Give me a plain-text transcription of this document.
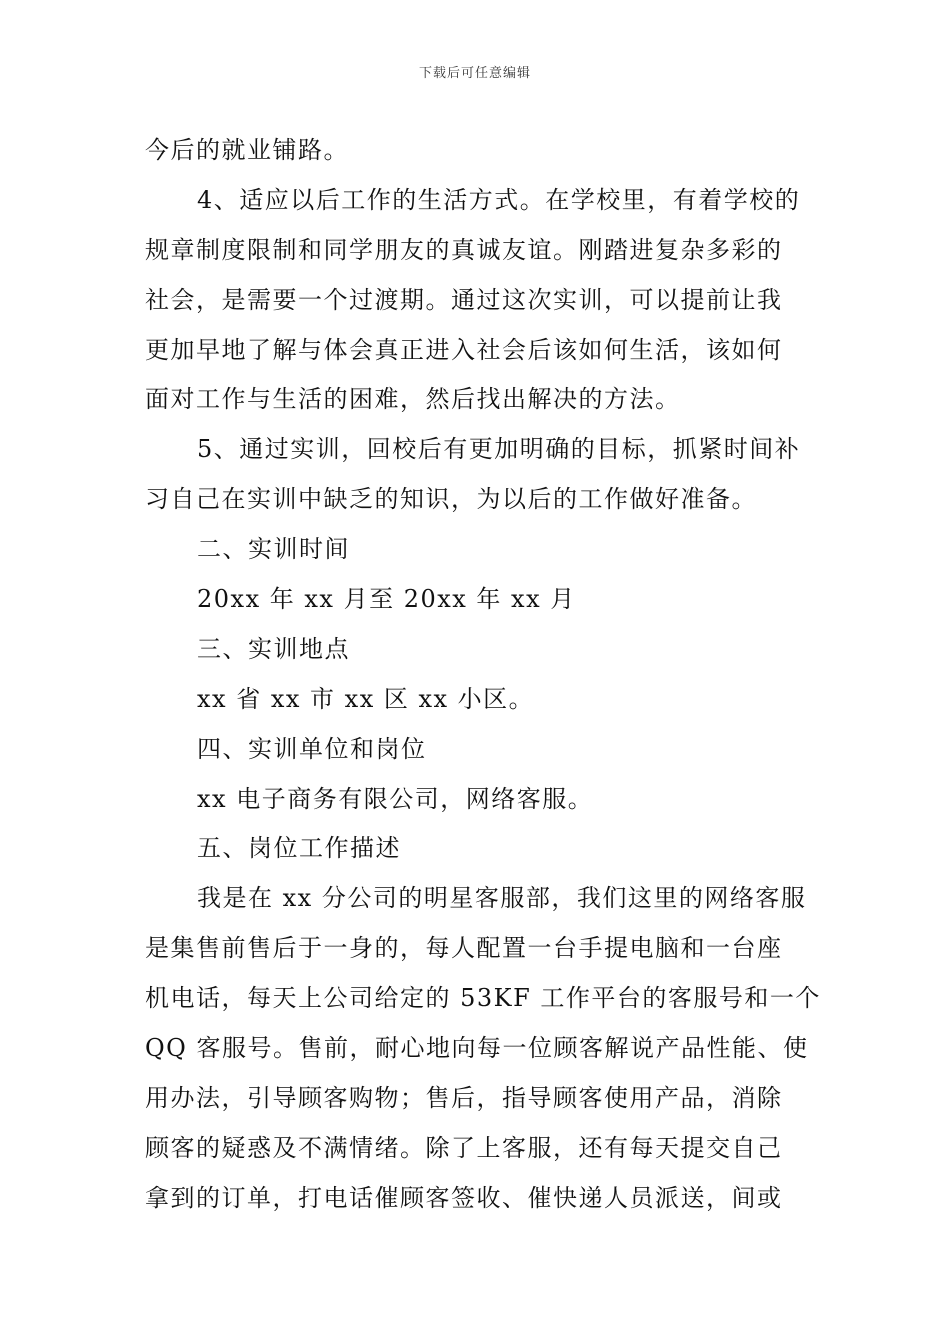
下载后可任意编辑
今后的就业铺路。
4、适应以后工作的生活方式。在学校里，有着学校的
规章制度限制和同学朋友的真诚友谊。刚踏进复杂多彩的
社会，是需要一个过渡期。通过这次实训，可以提前让我
更加早地了解与体会真正进入社会后该如何生活，该如何
面对工作与生活的困难，然后找出解决的方法。
5、通过实训，回校后有更加明确的目标，抓紧时间补
习自己在实训中缺乏的知识，为以后的工作做好准备。
二、实训时间
20xx 年 xx 月至 20xx 年 xx 月
三、实训地点
xx 省 xx 市 xx 区 xx 小区。
四、实训单位和岗位
xx 电子商务有限公司，网络客服。
五、岗位工作描述
我是在 xx 分公司的明星客服部，我们这里的网络客服
是集售前售后于一身的，每人配置一台手提电脑和一台座
机电话，每天上公司给定的 53KF 工作平台的客服号和一个
QQ 客服号。售前，耐心地向每一位顾客解说产品性能、使
用办法，引导顾客购物；售后，指导顾客使用产品，消除
顾客的疑惑及不满情绪。除了上客服，还有每天提交自己
拿到的订单，打电话催顾客签收、催快递人员派送，间或
